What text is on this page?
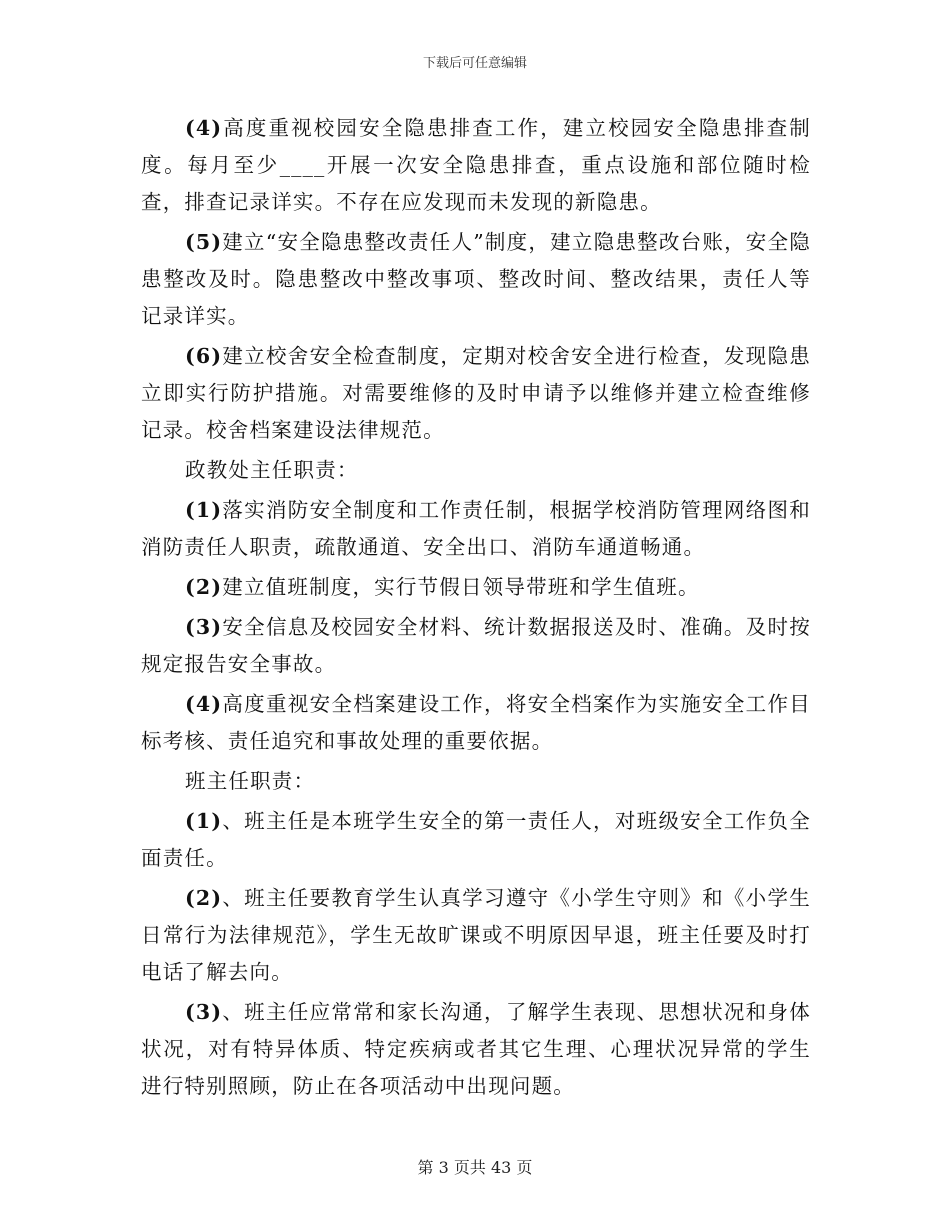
下载后可任意编辑

(4)高度重视校园安全隐患排查工作，建立校园安全隐患排查制度。每月至少____开展一次安全隐患排查，重点设施和部位随时检查，排查记录详实。不存在应发现而未发现的新隐患。

(5)建立“安全隐患整改责任人”制度，建立隐患整改台账，安全隐患整改及时。隐患整改中整改事项、整改时间、整改结果，责任人等记录详实。

(6)建立校舍安全检查制度，定期对校舍安全进行检查，发现隐患立即实行防护措施。对需要维修的及时申请予以维修并建立检查维修记录。校舍档案建设法律规范。

政教处主任职责：

(1)落实消防安全制度和工作责任制，根据学校消防管理网络图和消防责任人职责，疏散通道、安全出口、消防车通道畅通。

(2)建立值班制度，实行节假日领导带班和学生值班。

(3)安全信息及校园安全材料、统计数据报送及时、准确。及时按规定报告安全事故。

(4)高度重视安全档案建设工作，将安全档案作为实施安全工作目标考核、责任追究和事故处理的重要依据。

班主任职责：

(1)、班主任是本班学生安全的第一责任人，对班级安全工作负全面责任。

(2)、班主任要教育学生认真学习遵守《小学生守则》和《小学生日常行为法律规范》，学生无故旷课或不明原因早退，班主任要及时打电话了解去向。

(3)、班主任应常常和家长沟通，了解学生表现、思想状况和身体状况，对有特异体质、特定疾病或者其它生理、心理状况异常的学生进行特别照顾，防止在各项活动中出现问题。

第 3 页共 43 页
